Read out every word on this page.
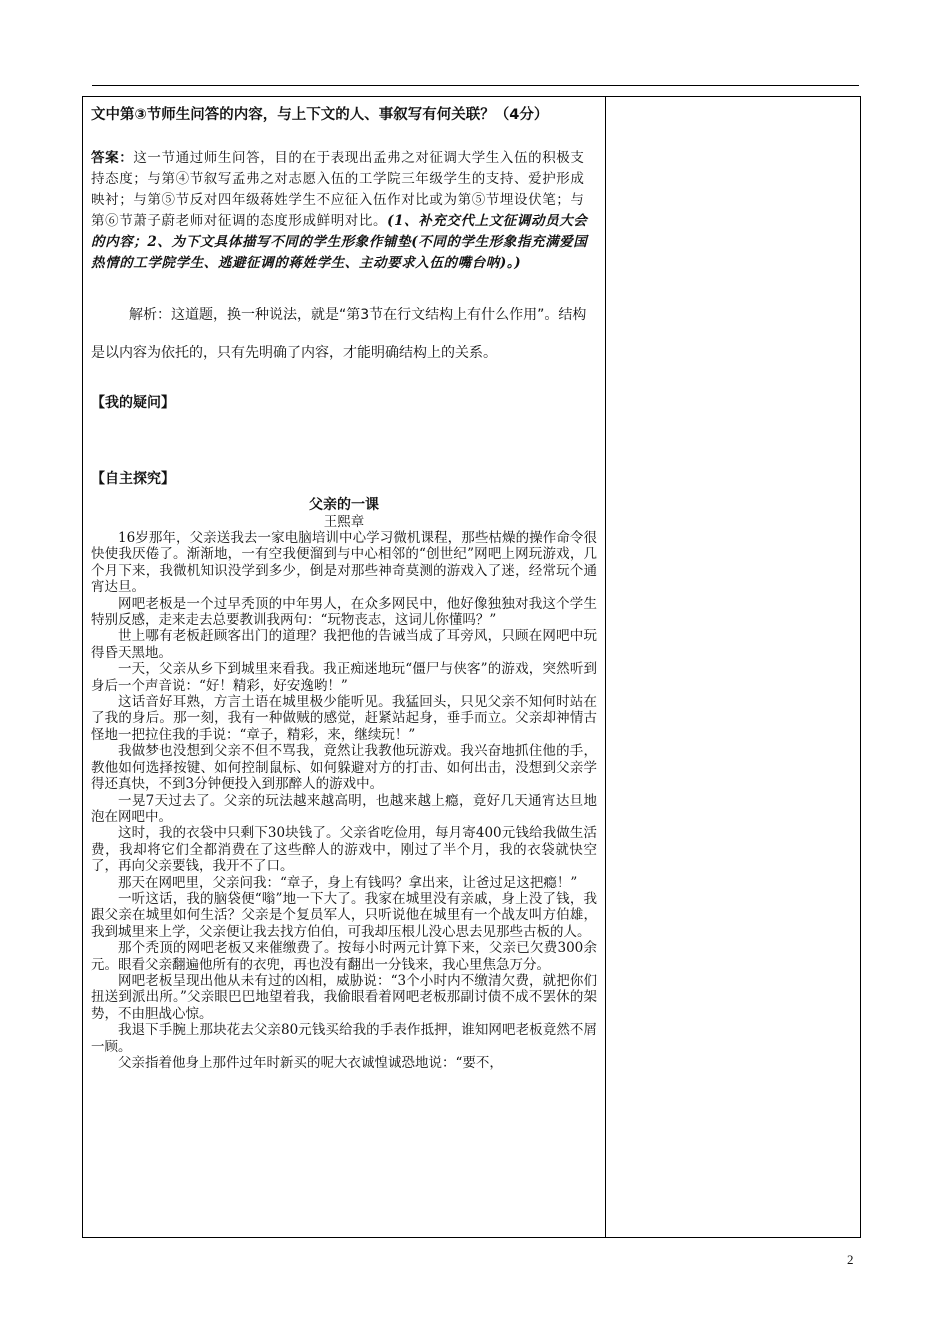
文中第③节师生问答的内容，与上下文的人、事叙写有何关联？（4分）

答案：这一节通过师生问答，目的在于表现出孟弗之对征调大学生入伍的积极支持态度；与第④节叙写孟弗之对志愿入伍的工学院三年级学生的支持、爱护形成映衬；与第⑤节反对四年级蒋姓学生不应征入伍作对比或为第⑤节埋设伏笔；与第⑥节萧子蔚老师对征调的态度形成鲜明对比。(1、补充交代上文征调动员大会的内容；2、为下文具体描写不同的学生形象作铺垫(不同的学生形象指充满爱国热情的工学院学生、逃避征调的蒋姓学生、主动要求入伍的嘴台呐)。)

解析：这道题，换一种说法，就是“第3节在行文结构上有什么作用”。结构是以内容为依托的，只有先明确了内容，才能明确结构上的关系。

【我的疑问】

【自主探究】

父亲的一课

王熙章

16岁那年，父亲送我去一家电脑培训中心学习微机课程，那些枯燥的操作命令很快使我厌倦了。渐渐地，一有空我便溜到与中心相邻的“创世纪”网吧上网玩游戏，几个月下来，我微机知识没学到多少，倒是对那些神奇莫测的游戏入了迷，经常玩个通宵达旦。

网吧老板是一个过早秃顶的中年男人，在众多网民中，他好像独独对我这个学生特别反感，走来走去总要教训我两句：“玩物丧志，这词儿你懂吗？”

世上哪有老板赶顾客出门的道理？我把他的告诫当成了耳旁风，只顾在网吧中玩得昏天黑地。

一天，父亲从乡下到城里来看我。我正痴迷地玩“僵尸与侠客”的游戏，突然听到身后一个声音说：“好！精彩，好安逸哟！”

这话音好耳熟，方言土语在城里极少能听见。我猛回头，只见父亲不知何时站在了我的身后。那一刻，我有一种做贼的感觉，赶紧站起身，垂手而立。父亲却神情古怪地一把拉住我的手说：“章子，精彩，来，继续玩！”

我做梦也没想到父亲不但不骂我，竟然让我教他玩游戏。我兴奋地抓住他的手，教他如何选择按键、如何控制鼠标、如何躲避对方的打击、如何出击，没想到父亲学得还真快，不到3分钟便投入到那醉人的游戏中。

一晃7天过去了。父亲的玩法越来越高明，也越来越上瘾，竟好几天通宵达旦地泡在网吧中。

这时，我的衣袋中只剩下30块钱了。父亲省吃俭用，每月寄400元钱给我做生活费，我却将它们全都消费在了这些醉人的游戏中，刚过了半个月，我的衣袋就快空了，再向父亲要钱，我开不了口。

那天在网吧里，父亲问我：“章子，身上有钱吗？拿出来，让爸过足这把瘾！”

一听这话，我的脑袋便“嗡”地一下大了。我家在城里没有亲戚，身上没了钱，我跟父亲在城里如何生活？父亲是个复员军人，只听说他在城里有一个战友叫方伯雄，我到城里来上学，父亲便让我去找方伯伯，可我却压根儿没心思去见那些古板的人。

那个秃顶的网吧老板又来催缴费了。按每小时两元计算下来，父亲已欠费300余元。眼看父亲翻遍他所有的衣兜，再也没有翻出一分钱来，我心里焦急万分。

网吧老板呈现出他从未有过的凶相，威胁说：“3个小时内不缴清欠费，就把你们扭送到派出所。”父亲眼巴巴地望着我，我偷眼看着网吧老板那副讨债不成不罢休的架势，不由胆战心惊。

我退下手腕上那块花去父亲80元钱买给我的手表作抵押，谁知网吧老板竟然不屑一顾。

父亲指着他身上那件过年时新买的呢大衣诚惶诚恐地说：“要不，

2
